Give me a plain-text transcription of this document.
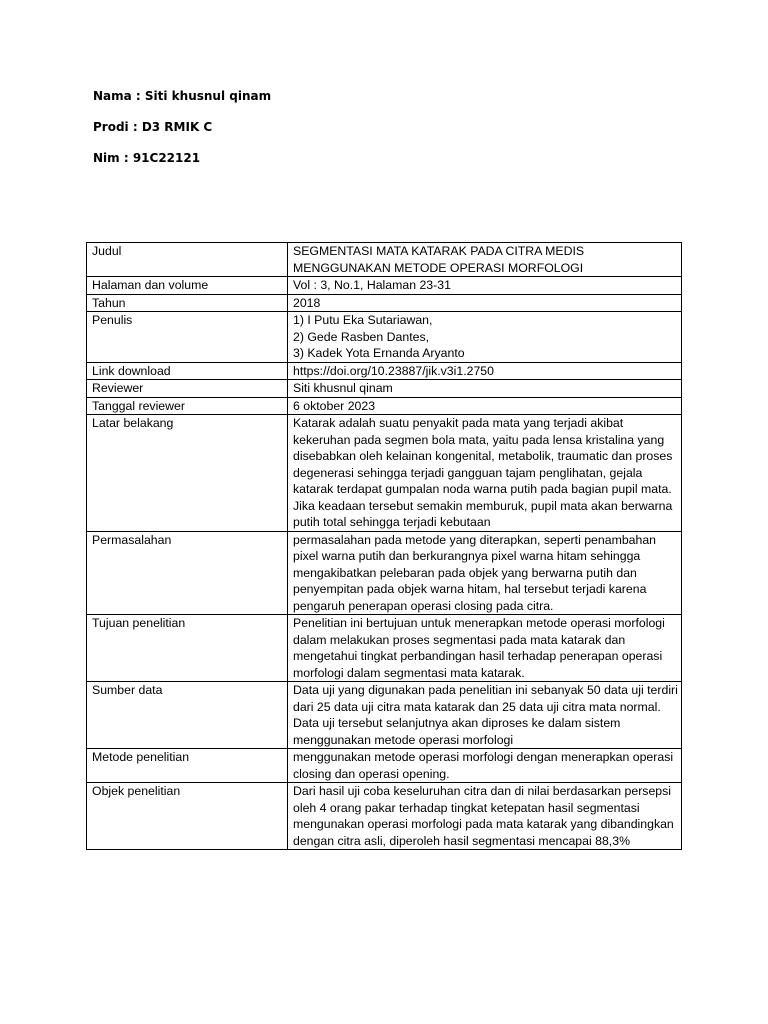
Nama : Siti khusnul qinam
Prodi : D3 RMIK C
Nim : 91C22121
Judul	SEGMENTASI MATA KATARAK PADA CITRA MEDIS
MENGGUNAKAN METODE OPERASI MORFOLOGI
Halaman dan volume	Vol : 3, No.1, Halaman 23-31
Tahun	2018
Penulis	1) I Putu Eka Sutariawan,
2) Gede Rasben Dantes,
3) Kadek Yota Ernanda Aryanto
Link download	https://doi.org/10.23887/jik.v3i1.2750
Reviewer	Siti khusnul qinam
Tanggal reviewer	6 oktober 2023
Latar belakang	Katarak adalah suatu penyakit pada mata yang terjadi akibat kekeruhan pada segmen bola mata, yaitu pada lensa kristalina yang disebabkan oleh kelainan kongenital, metabolik, traumatic dan proses degenerasi sehingga terjadi gangguan tajam penglihatan, gejala katarak terdapat gumpalan noda warna putih pada bagian pupil mata. Jika keadaan tersebut semakin memburuk, pupil mata akan berwarna putih total sehingga terjadi kebutaan
Permasalahan	permasalahan pada metode yang diterapkan, seperti penambahan pixel warna putih dan berkurangnya pixel warna hitam sehingga mengakibatkan pelebaran pada objek yang berwarna putih dan penyempitan pada objek warna hitam, hal tersebut terjadi karena pengaruh penerapan operasi closing pada citra.
Tujuan penelitian	Penelitian ini bertujuan untuk menerapkan metode operasi morfologi dalam melakukan proses segmentasi pada mata katarak dan mengetahui tingkat perbandingan hasil terhadap penerapan operasi morfologi dalam segmentasi mata katarak.
Sumber data	Data uji yang digunakan pada penelitian ini sebanyak 50 data uji terdiri dari 25 data uji citra mata katarak dan 25 data uji citra mata normal. Data uji tersebut selanjutnya akan diproses ke dalam sistem menggunakan metode operasi morfologi
Metode penelitian	menggunakan metode operasi morfologi dengan menerapkan operasi closing dan operasi opening.
Objek penelitian	Dari hasil uji coba keseluruhan citra dan di nilai berdasarkan persepsi oleh 4 orang pakar terhadap tingkat ketepatan hasil segmentasi mengunakan operasi morfologi pada mata katarak yang dibandingkan dengan citra asli, diperoleh hasil segmentasi mencapai 88,3%
